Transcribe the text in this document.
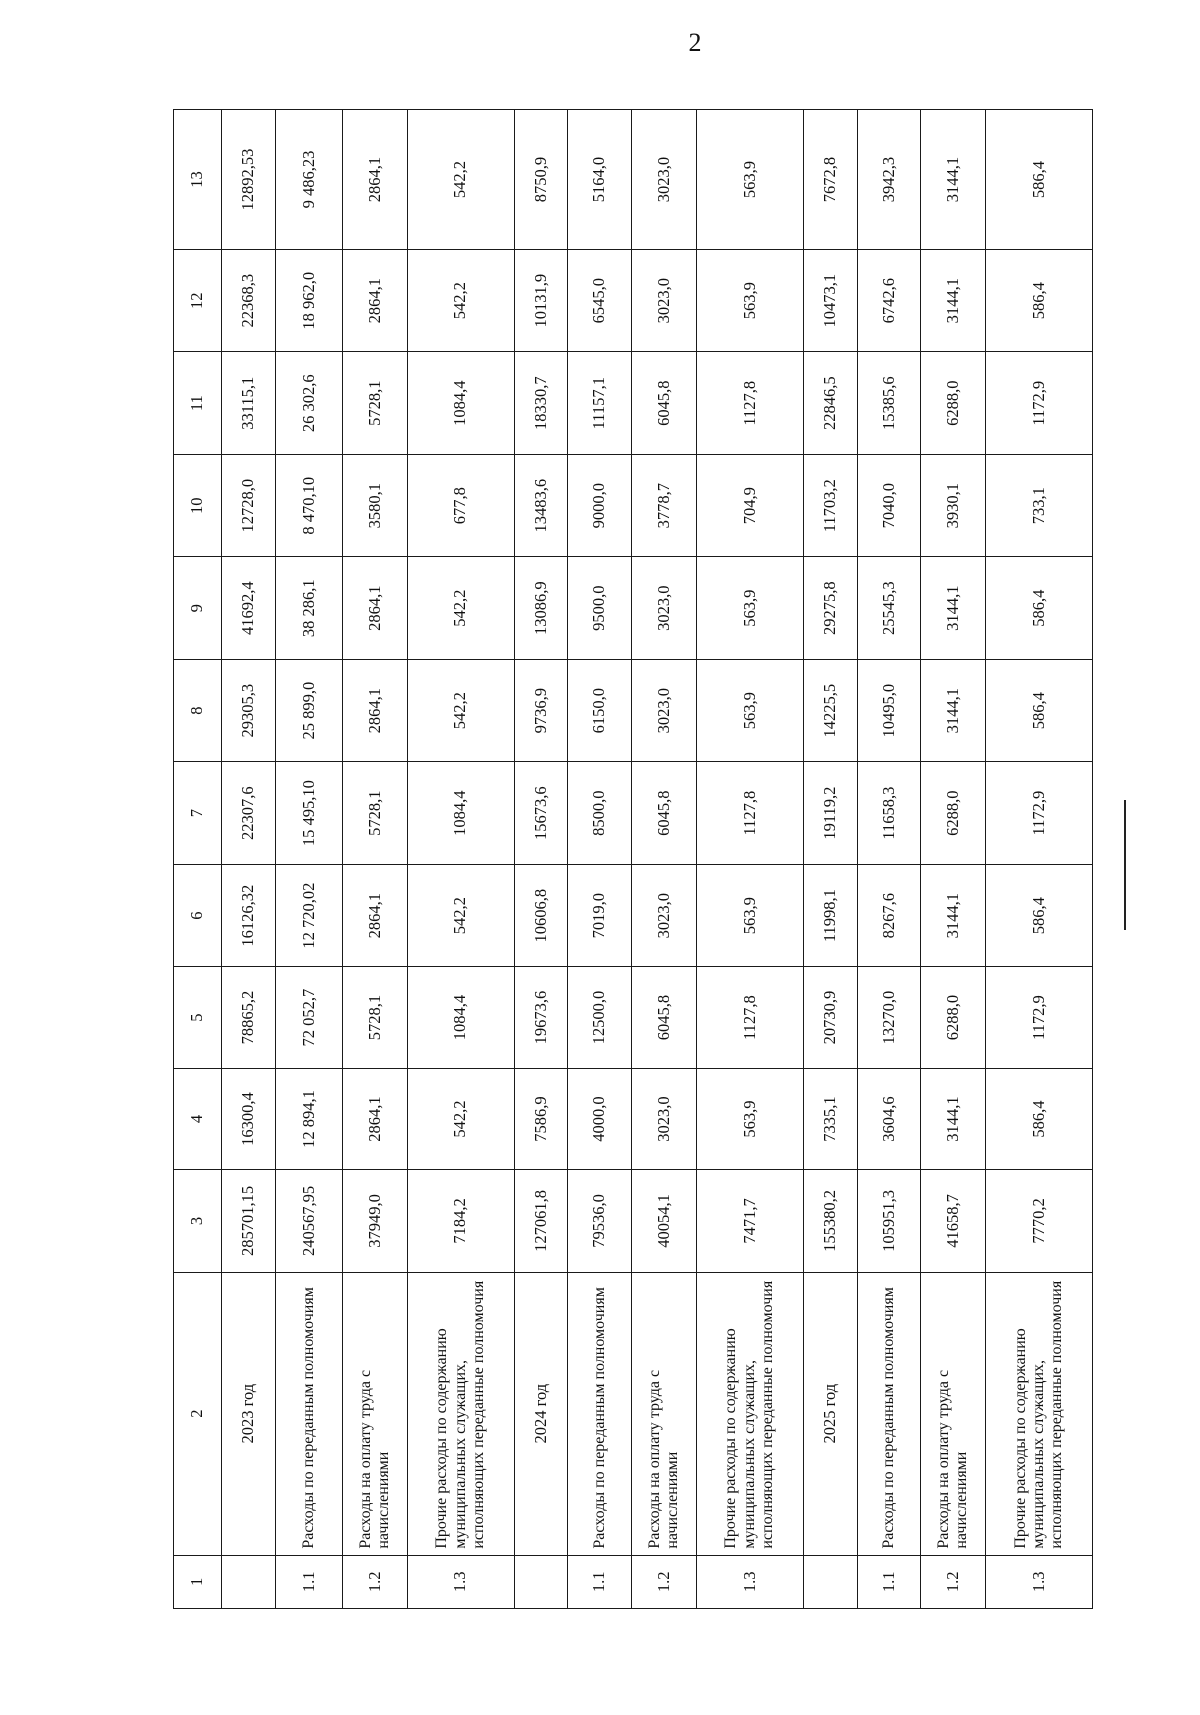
2
1	2	3	4	5	6	7	8	9	10	11	12	13
	2023 год	285701,15	16300,4	78865,2	16126,32	22307,6	29305,3	41692,4	12728,0	33115,1	22368,3	12892,53
1.1	Расходы по переданным полномочиям	240567,95	12 894,1	72 052,7	12 720,02	15 495,10	25 899,0	38 286,1	8 470,10	26 302,6	18 962,0	9 486,23
1.2	Расходы на оплату труда с начислениями	37949,0	2864,1	5728,1	2864,1	5728,1	2864,1	2864,1	3580,1	5728,1	2864,1	2864,1
1.3	Прочие расходы по содержанию муниципальных служащих, исполняющих переданные полномочия	7184,2	542,2	1084,4	542,2	1084,4	542,2	542,2	677,8	1084,4	542,2	542,2
	2024 год	127061,8	7586,9	19673,6	10606,8	15673,6	9736,9	13086,9	13483,6	18330,7	10131,9	8750,9
1.1	Расходы по переданным полномочиям	79536,0	4000,0	12500,0	7019,0	8500,0	6150,0	9500,0	9000,0	11157,1	6545,0	5164,0
1.2	Расходы на оплату труда с начислениями	40054,1	3023,0	6045,8	3023,0	6045,8	3023,0	3023,0	3778,7	6045,8	3023,0	3023,0
1.3	Прочие расходы по содержанию муниципальных служащих, исполняющих переданные полномочия	7471,7	563,9	1127,8	563,9	1127,8	563,9	563,9	704,9	1127,8	563,9	563,9
	2025 год	155380,2	7335,1	20730,9	11998,1	19119,2	14225,5	29275,8	11703,2	22846,5	10473,1	7672,8
1.1	Расходы по переданным полномочиям	105951,3	3604,6	13270,0	8267,6	11658,3	10495,0	25545,3	7040,0	15385,6	6742,6	3942,3
1.2	Расходы на оплату труда с начислениями	41658,7	3144,1	6288,0	3144,1	6288,0	3144,1	3144,1	3930,1	6288,0	3144,1	3144,1
1.3	Прочие расходы по содержанию муниципальных служащих, исполняющих переданные полномочия	7770,2	586,4	1172,9	586,4	1172,9	586,4	586,4	733,1	1172,9	586,4	586,4
